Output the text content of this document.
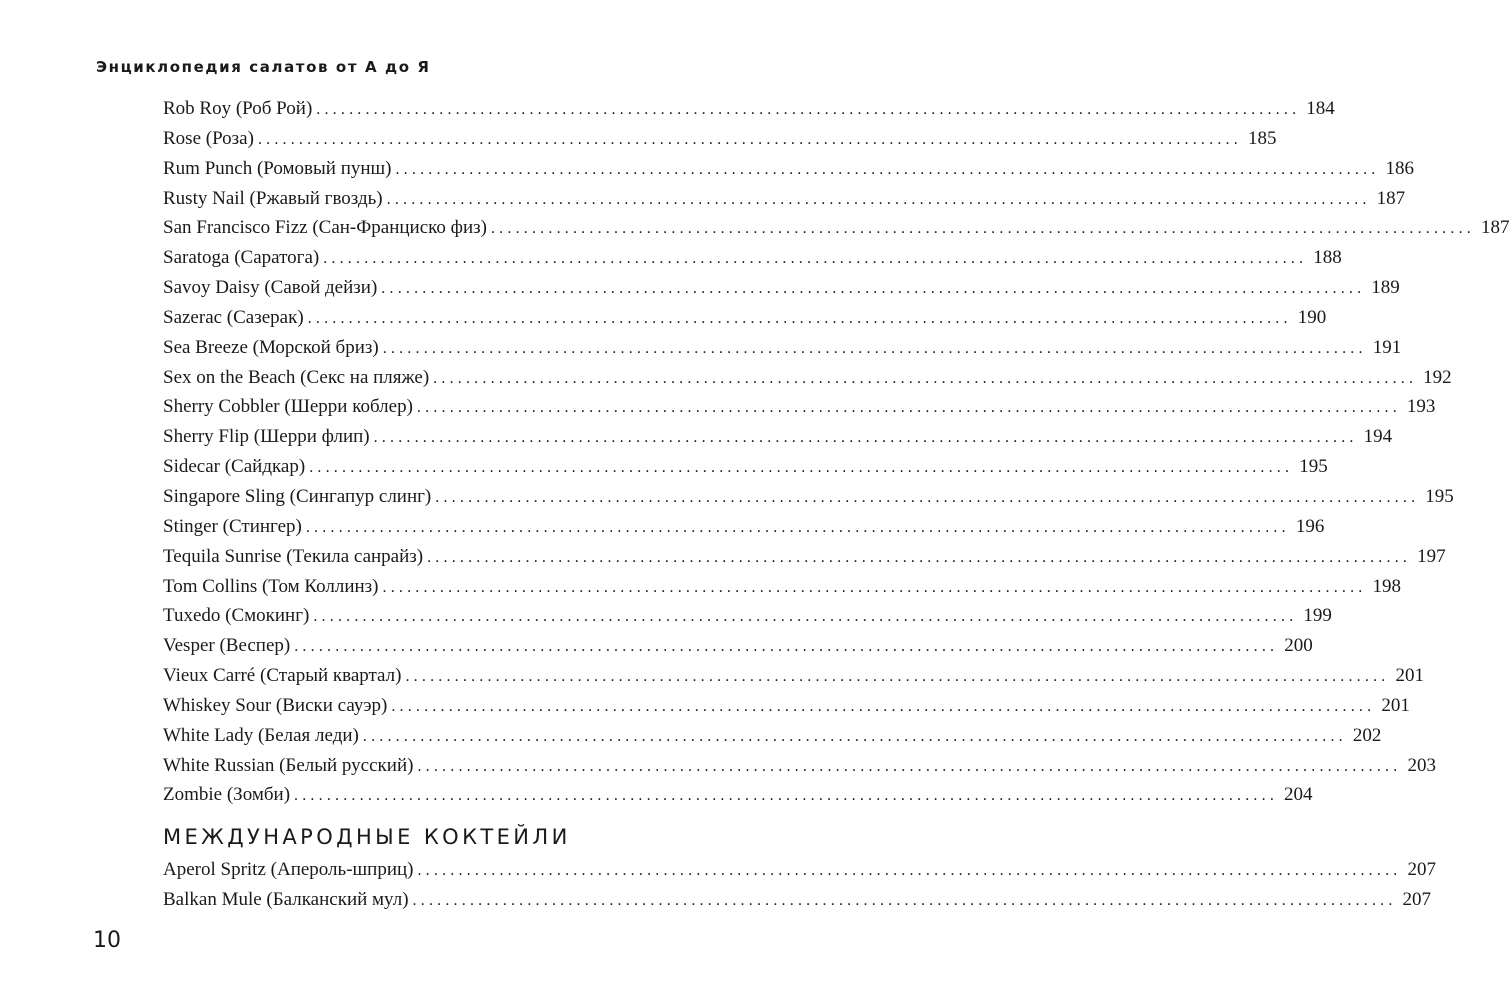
Энциклопедия салатов от А до Я
Rob Roy (Роб Рой) ........................................................................................................................ 184
Rose (Роза) ........................................................................................................................ 185
Rum Punch (Ромовый пунш) ........................................................................................................................ 186
Rusty Nail (Ржавый гвоздь) ........................................................................................................................ 187
San Francisco Fizz (Сан-Франциско физ) ........................................................................................................................ 187
Saratoga (Саратога) ........................................................................................................................ 188
Savoy Daisy (Савой дейзи) ........................................................................................................................ 189
Sazerac (Сазерак) ........................................................................................................................ 190
Sea Breeze (Морской бриз) ........................................................................................................................ 191
Sex on the Beach (Секс на пляже) ........................................................................................................................ 192
Sherry Cobbler (Шерри коблер) ........................................................................................................................ 193
Sherry Flip (Шерри флип) ........................................................................................................................ 194
Sidecar (Сайдкар) ........................................................................................................................ 195
Singapore Sling (Сингапур слинг) ........................................................................................................................ 195
Stinger (Стингер) ........................................................................................................................ 196
Tequila Sunrise (Текила санрайз) ........................................................................................................................ 197
Tom Collins (Том Коллинз) ........................................................................................................................ 198
Tuxedo (Смокинг) ........................................................................................................................ 199
Vesper (Веспер) ........................................................................................................................ 200
Vieux Carré (Старый квартал) ........................................................................................................................ 201
Whiskey Sour (Виски сауэр) ........................................................................................................................ 201
White Lady (Белая леди) ........................................................................................................................ 202
White Russian (Белый русский) ........................................................................................................................ 203
Zombie (Зомби) ........................................................................................................................ 204
МЕЖДУНАРОДНЫЕ КОКТЕЙЛИ
Aperol Spritz (Апероль-шприц) ........................................................................................................................ 207
Balkan Mule (Балканский мул) ........................................................................................................................ 207
10
